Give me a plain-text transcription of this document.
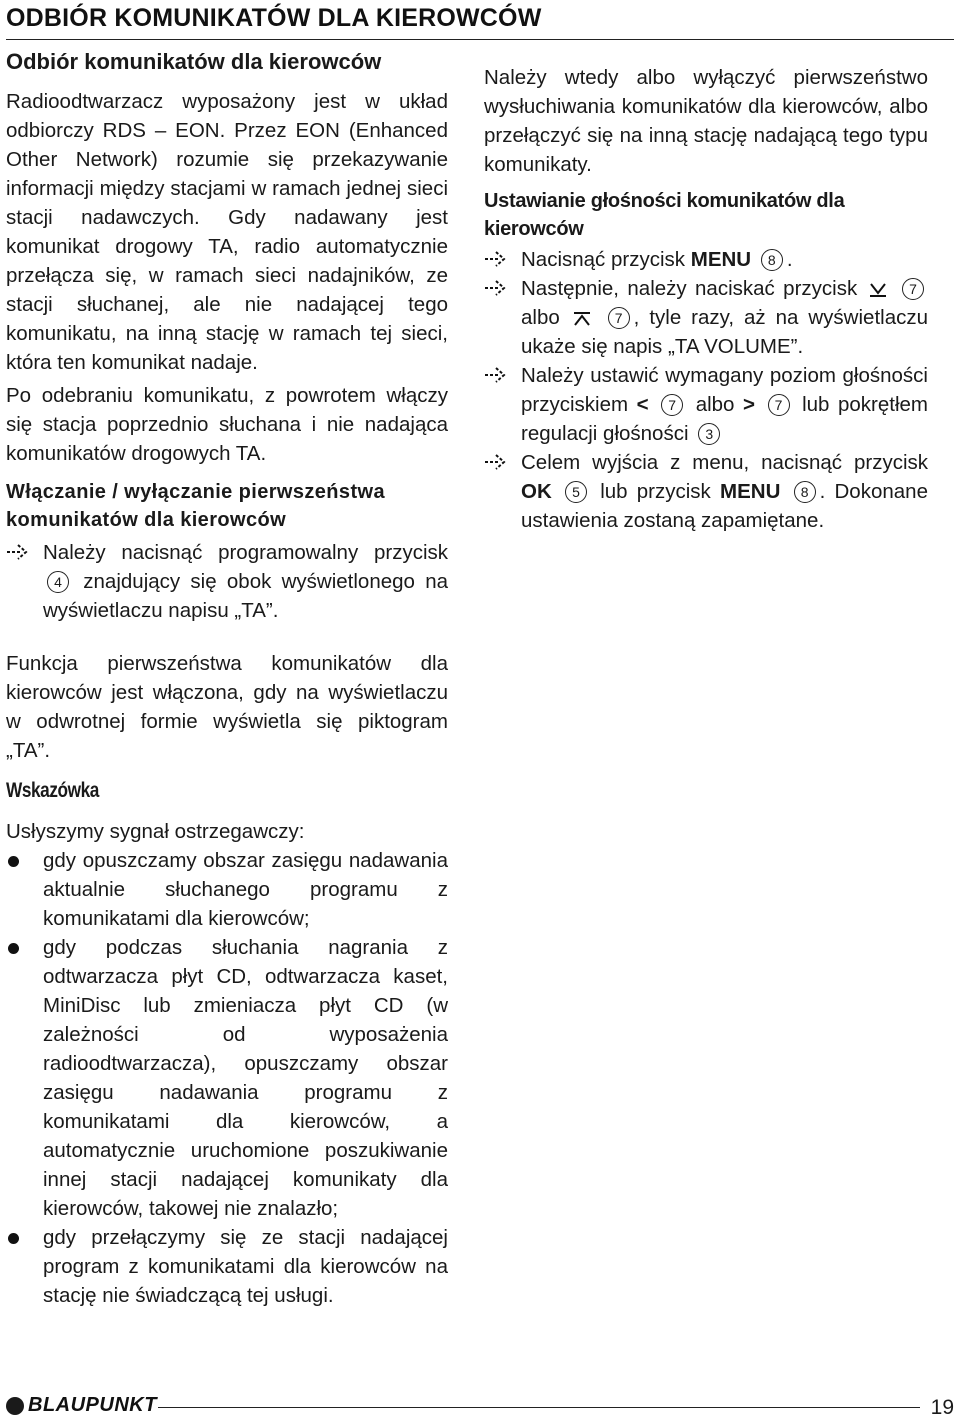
ODBIÓR KOMUNIKATÓW DLA KIEROWCÓW
Odbiór komunikatów dla kierowców

Radioodtwarzacz wyposażony jest w układ odbiorczy RDS – EON. Przez EON (Enhanced Other Network) rozumie się przekazywanie informacji między stacjami w ramach jednej sieci stacji nadawczych. Gdy nadawany jest komunikat drogowy TA, radio automatycznie przełącza się, w ramach sieci nadajników, ze stacji słuchanej, ale nie nadającej tego komunikatu, na inną stację w ramach tej sieci, która ten komunikat nadaje.

Po odebraniu komunikatu, z powrotem włączy się stacja poprzednio słuchana i nie nadająca komunikatów drogowych TA.

Włączanie / wyłączanie pierwszeństwa komunikatów dla kierowców
Należy nacisnąć programowalny przycisk 4 znajdujący się obok wyświetlonego na wyświetlaczu napisu „TA”.

Funkcja pierwszeństwa komunikatów dla kierowców jest włączona, gdy na wyświetlaczu w odwrotnej formie wyświetla się piktogram „TA”.

Wskazówka

Usłyszymy sygnał ostrzegawczy:

gdy opuszczamy obszar zasięgu nadawania aktualnie słuchanego programu z komunikatami dla kierowców;
gdy podczas słuchania nagrania z odtwarzacza płyt CD, odtwarzacza kaset, MiniDisc lub zmieniacza płyt CD (w zależności od wyposażenia radioodtwarzacza), opuszczamy obszar zasięgu nadawania programu z komunikatami dla kierowców, a automatycznie uruchomione poszukiwanie innej stacji nadającej komunikaty dla kierowców, takowej nie znalazło;
gdy przełączymy się ze stacji nadającej program z komunikatami dla kierowców na stację nie świadczącą tej usługi.

Należy wtedy albo wyłączyć pierwszeństwo wysłuchiwania komunikatów dla kierowców, albo przełączyć się na inną stację nadającą tego typu komunikaty.

Ustawianie głośności komunikatów dla kierowców
Nacisnąć przycisk MENU 8 .
Następnie, należy naciskać przycisk	7 albo	7 , tyle razy, aż na wyświetlaczu ukaże się napis „TA VOLUME”.
Należy ustawić wymagany poziom głośności przyciskiem < 7 albo > 7 lub pokrętłem regulacji głośności 3
Celem wyjścia z menu, nacisnąć przycisk OK 5 lub przycisk MENU 8 . Dokonane ustawienia zostaną zapamiętane.
BLAUPUNKT	19
